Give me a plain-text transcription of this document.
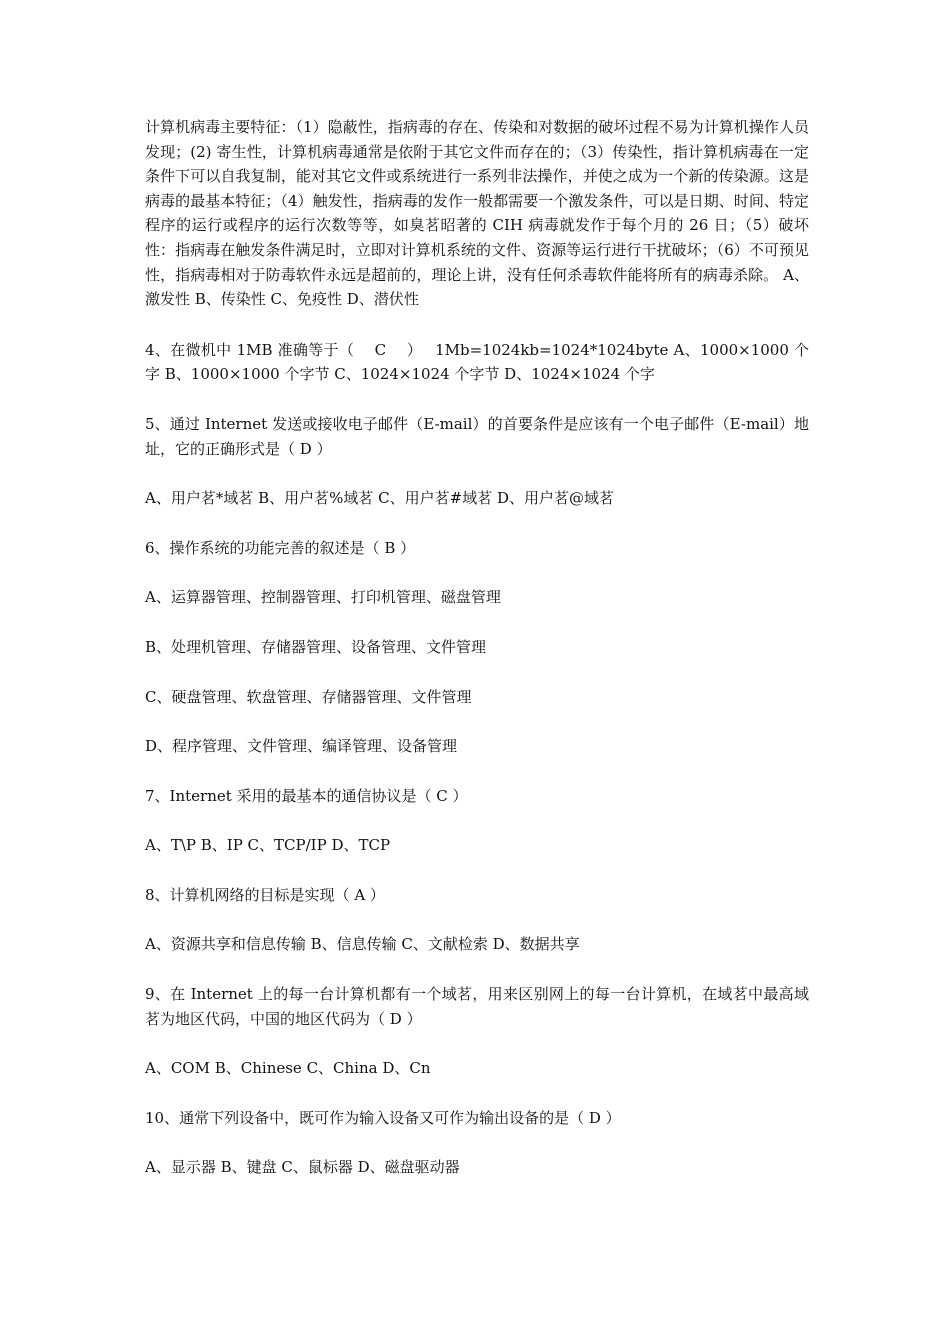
计算机病毒主要特征：（1）隐蔽性，指病毒的存在、传染和对数据的破坏过程不易为计算机操作人员发现；(2) 寄生性，计算机病毒通常是依附于其它文件而存在的；（3）传染性，指计算机病毒在一定条件下可以自我复制，能对其它文件或系统进行一系列非法操作，并使之成为一个新的传染源。这是病毒的最基本特征；（4）触发性，指病毒的发作一般都需要一个激发条件，可以是日期、时间、特定程序的运行或程序的运行次数等等，如臭茗昭著的 CIH 病毒就发作于每个月的 26 日；（5）破坏性：指病毒在触发条件满足时，立即对计算机系统的文件、资源等运行进行干扰破坏；（6）不可预见性，指病毒相对于防毒软件永远是超前的，理论上讲，没有任何杀毒软件能将所有的病毒杀除。 A、激发性 B、传染性 C、免疫性 D、潜伏性

4、在微机中 1MB 准确等于（　 C　 ）　 1Mb=1024kb=1024*1024byte A、1000×1000 个字 B、1000×1000 个字节 C、1024×1024 个字节 D、1024×1024 个字

5、通过 Internet 发送或接收电子邮件（E-mail）的首要条件是应该有一个电子邮件（E-mail）地址，它的正确形式是（ D ）

A、用户茗*域茗 B、用户茗%域茗 C、用户茗#域茗 D、用户茗@域茗

6、操作系统的功能完善的叙述是（ B ）

A、运算器管理、控制器管理、打印机管理、磁盘管理

B、处理机管理、存储器管理、设备管理、文件管理

C、硬盘管理、软盘管理、存储器管理、文件管理

D、程序管理、文件管理、编译管理、设备管理

7、Internet 采用的最基本的通信协议是（ C ）

A、T\P B、IP C、TCP/IP D、TCP

8、计算机网络的目标是实现（ A ）

A、资源共享和信息传输 B、信息传输 C、文献检索 D、数据共享

9、在 Internet 上的每一台计算机都有一个域茗，用来区别网上的每一台计算机，在域茗中最高域茗为地区代码，中国的地区代码为（ D ）

A、COM B、Chinese C、China D、Cn

10、通常下列设备中，既可作为输入设备又可作为输出设备的是（ D ）

A、显示器 B、键盘 C、鼠标器 D、磁盘驱动器
